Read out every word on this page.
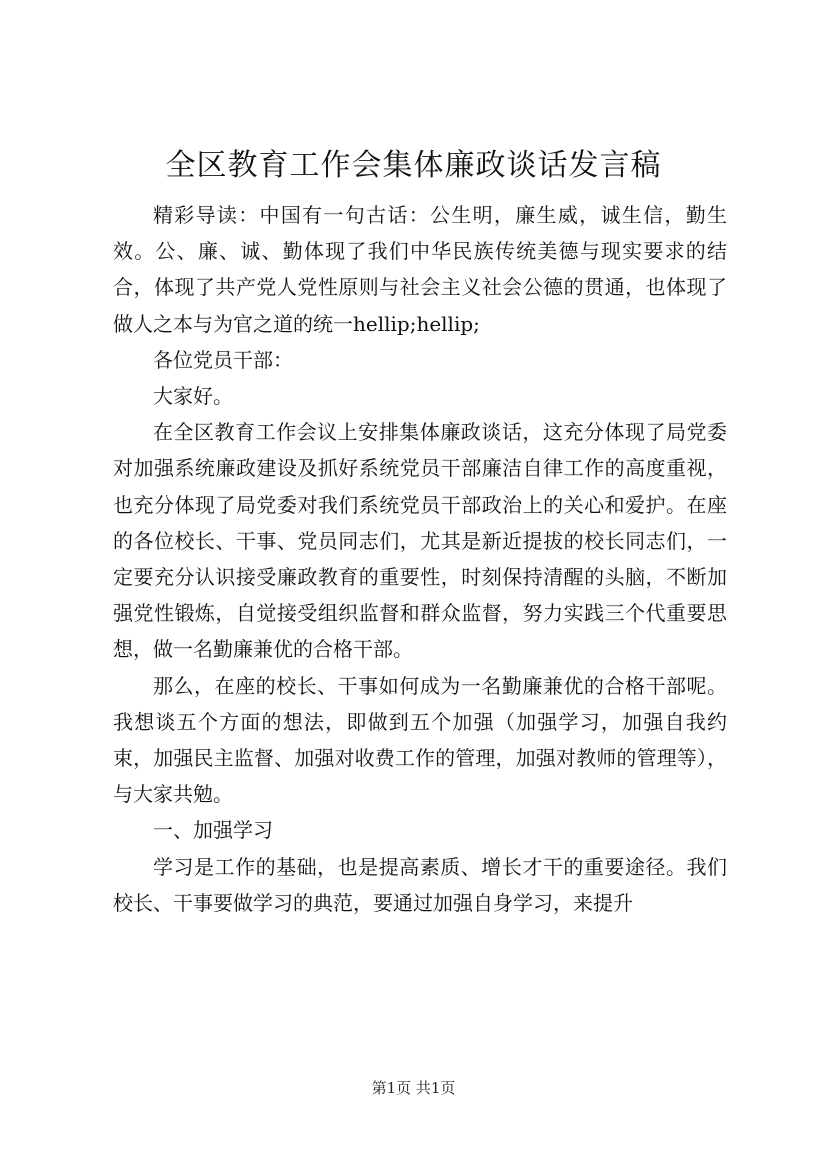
全区教育工作会集体廉政谈话发言稿

精彩导读：中国有一句古话：公生明，廉生威，诚生信，勤生效。公、廉、诚、勤体现了我们中华民族传统美德与现实要求的结合，体现了共产党人党性原则与社会主义社会公德的贯通，也体现了做人之本与为官之道的统一hellip;hellip;

各位党员干部：

大家好。

在全区教育工作会议上安排集体廉政谈话，这充分体现了局党委对加强系统廉政建设及抓好系统党员干部廉洁自律工作的高度重视，也充分体现了局党委对我们系统党员干部政治上的关心和爱护。在座的各位校长、干事、党员同志们，尤其是新近提拔的校长同志们，一定要充分认识接受廉政教育的重要性，时刻保持清醒的头脑，不断加强党性锻炼，自觉接受组织监督和群众监督，努力实践三个代重要思想，做一名勤廉兼优的合格干部。

那么，在座的校长、干事如何成为一名勤廉兼优的合格干部呢。我想谈五个方面的想法，即做到五个加强（加强学习，加强自我约束，加强民主监督、加强对收费工作的管理，加强对教师的管理等），与大家共勉。

一、加强学习

学习是工作的基础，也是提高素质、增长才干的重要途径。我们校长、干事要做学习的典范，要通过加强自身学习，来提升

第1页 共1页
